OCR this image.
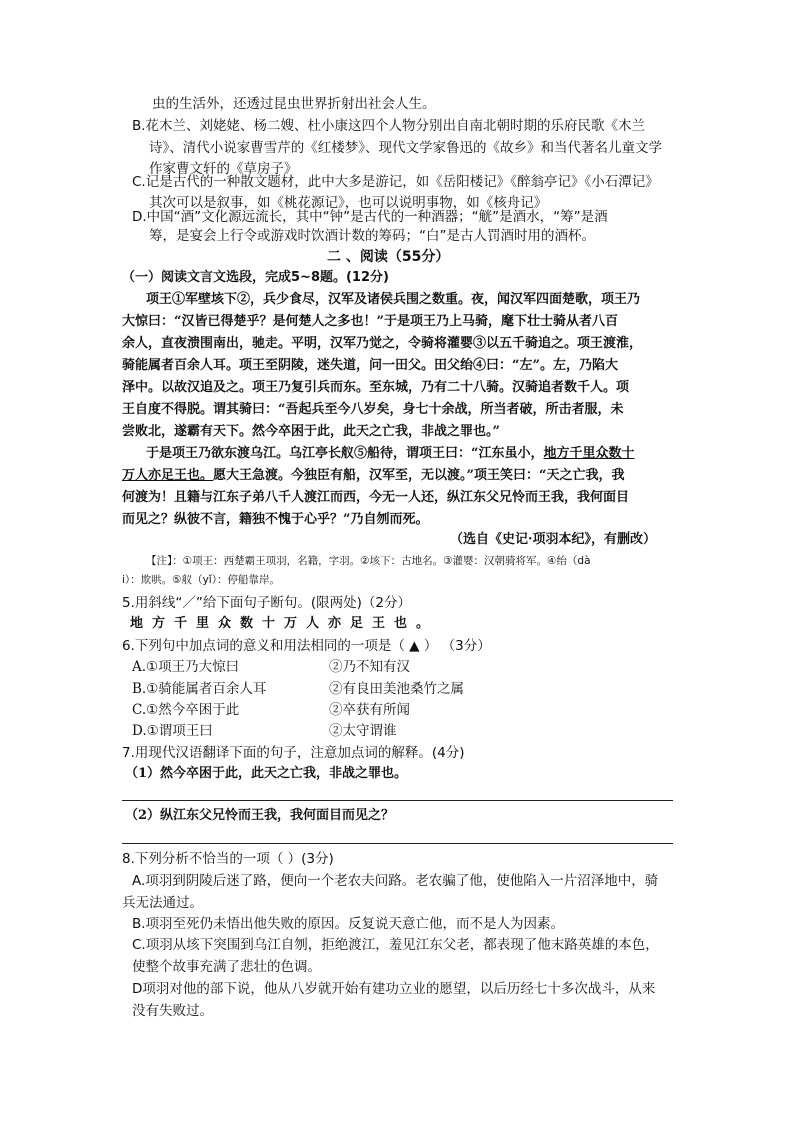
虫的生活外，还透过昆虫世界折射出社会人生。
B.花木兰、刘姥姥、杨二嫂、杜小康这四个人物分别出自南北朝时期的乐府民歌《木兰
诗》、清代小说家曹雪芹的《红楼梦》、现代文学家鲁迅的《故乡》和当代著名儿童文学
作家曹文轩的《草房子》
C.记是古代的一种散文题材，此中大多是游记，如《岳阳楼记》《醉翁亭记》《小石潭记》
其次可以是叙事，如《桃花源记》，也可以说明事物，如《核舟记》
D.中国“酒”文化源远流长，其中“钟”是古代的一种酒器；“觥”是酒水，“筹”是酒
筹，是宴会上行令或游戏时饮酒计数的筹码；“白”是古人罚酒时用的酒杯。
二 、阅读（55分）
（一）阅读文言文选段，完成5~8题。(12分)
项王①军壁垓下②，兵少食尽，汉军及诸侯兵围之数重。夜，闻汉军四面楚歌，项王乃
大惊曰：“汉皆已得楚乎？是何楚人之多也！”于是项王乃上马骑，麾下壮士骑从者八百
余人，直夜溃围南出，驰走。平明，汉军乃觉之，令骑将灌婴③以五千骑追之。项王渡淮，
骑能属者百余人耳。项王至阴陵，迷失道，问一田父。田父绐④曰：“左”。左，乃陷大
泽中。以故汉追及之。项王乃复引兵而东。至东城，乃有二十八骑。汉骑追者数千人。项
王自度不得脱。谓其骑曰：“吾起兵至今八岁矣，身七十余战，所当者破，所击者服，未
尝败北，遂霸有天下。然今卒困于此，此天之亡我，非战之罪也。”
于是项王乃欲东渡乌江。乌江亭长舣⑤船待，谓项王曰：“江东虽小，地方千里众数十
万人亦足王也。愿大王急渡。今独臣有船，汉军至，无以渡。”项王笑曰：“天之亡我，我
何渡为！且籍与江东子弟八千人渡江而西，今无一人还，纵江东父兄怜而王我，我何面目
而见之？纵彼不言，籍独不愧于心乎？”乃自刎而死。
（选自《史记·项羽本纪》，有删改）
【注】：①项王：西楚霸王项羽，名籍，字羽。②垓下：古地名。③灌婴：汉朝骑将军。④绐（dà
i）：欺哄。⑤舣（yǐ）：停船靠岸。
5.用斜线“／”给下面句子断句。(限两处)（2分）
地方千里众数十万人亦足王也。
6.下列句中加点词的意义和用法相同的一项是（ ▲ ） （3分）
A.①项王乃大惊曰	②乃不知有汉
B.①骑能属者百余人耳	②有良田美池桑竹之属
C.①然今卒困于此	②卒获有所闻
D.①谓项王曰	②太守谓谁
7.用现代汉语翻译下面的句子，注意加点词的解释。(4分)
（1）然今卒困于此，此天之亡我，非战之罪也。
（2）纵江东父兄怜而王我，我何面目而见之？
8.下列分析不恰当的一项（ ）(3分)
A.项羽到阴陵后迷了路，便向一个老农夫问路。老农骗了他，使他陷入一片沼泽地中，骑
兵无法通过。
B.项羽至死仍未悟出他失败的原因。反复说天意亡他，而不是人为因素。
C.项羽从垓下突围到乌江自刎，拒绝渡江，羞见江东父老，都表现了他末路英雄的本色，
使整个故事充满了悲壮的色调。
D项羽对他的部下说，他从八岁就开始有建功立业的愿望，以后历经七十多次战斗，从来
没有失败过。
